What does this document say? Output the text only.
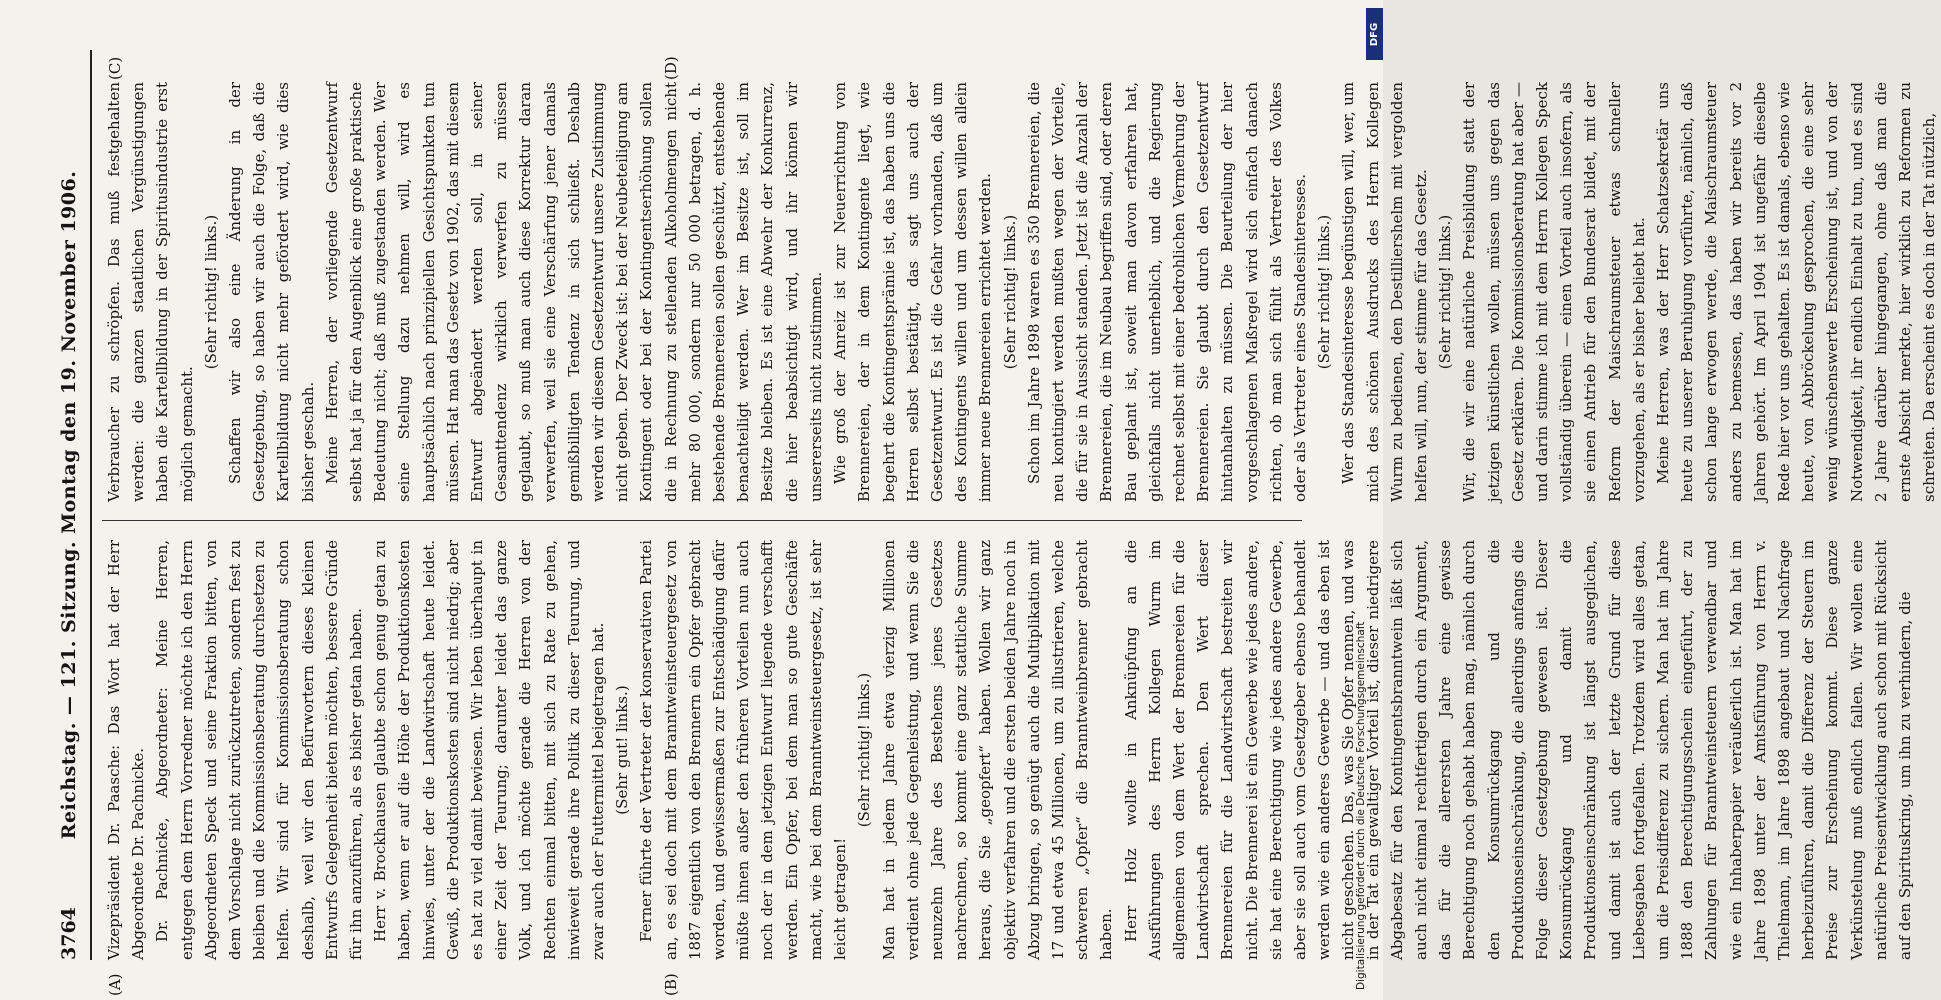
3764
Reichstag. — 121. Sitzung. Montag den 19. November 1906.
(A)	(B)
(C)	(D)

Vizepräsident Dr. Paasche: Das Wort hat der Herr Abgeordnete Dr. Pachnicke. Dr. Pachnicke, Abgeordneter: Meine Herren, entgegen dem Herrn Vorredner möchte ich den Herrn Abgeordneten Speck und seine Fraktion bitten, von dem Vorschlage nicht zurückzutreten, sondern fest zu bleiben und die Kommissionsberatung durchsetzen zu helfen. Wir sind für Kommissionsberatung schon deshalb, weil wir den Befürwortern dieses kleinen Entwurfs Gelegenheit bieten möchten, bessere Gründe für ihn anzuführen, als es bisher getan haben. Herr v. Brockhausen glaubte schon genug getan zu haben, wenn er auf die Höhe der Produktionskosten hinwies, unter der die Landwirtschaft heute leidet. Gewiß, die Produktionskosten sind nicht niedrig; aber es hat zu viel damit bewiesen. Wir leben überhaupt in einer Zeit der Teurung; darunter leidet das ganze Volk, und ich möchte gerade die Herren von der Rechten einmal bitten, mit sich zu Rate zu gehen, inwieweit gerade ihre Politik zu dieser Teurung, und zwar auch der Futtermittel beigetragen hat. (Sehr gut! links.) Ferner führte der Vertreter der konservativen Partei an, es sei doch mit dem Branntweinsteuergesetz von 1887 eigentlich von den Brennern ein Opfer gebracht worden, und gewissermaßen zur Entschädigung dafür müßte ihnen außer den früheren Vorteilen nun auch noch der in dem jetzigen Entwurf liegende verschafft werden. Ein Opfer, bei dem man so gute Geschäfte macht, wie bei dem Branntweinsteuergesetz, ist sehr leicht getragen!

(Sehr richtig! links.) Man hat in jedem Jahre etwa vierzig Millionen verdient ohne jede Gegenleistung, und wenn Sie die neunzehn Jahre des Bestehens jenes Gesetzes nachrechnen, so kommt eine ganz stattliche Summe heraus, die Sie „geopfert“ haben. Wollen wir ganz objektiv verfahren und die ersten beiden Jahre noch in Abzug bringen, so genügt auch die Multiplikation mit 17 und etwa 45 Millionen, um zu illustrieren, welche schweren „Opfer“ die Branntweinbrenner gebracht haben. Herr Holz wollte in Anknüpfung an die Ausführungen des Herrn Kollegen Wurm im allgemeinen von dem Wert der Brennereien für die Landwirtschaft sprechen. Den Wert dieser Brennereien für die Landwirtschaft bestreiten wir nicht. Die Brennerei ist ein Gewerbe wie jedes andere, sie hat eine Berechtigung wie jedes andere Gewerbe, aber sie soll auch vom Gesetzgeber ebenso behandelt werden wie ein anderes Gewerbe — und das eben ist nicht geschehen. Das, was Sie Opfer nennen, und was in der Tat ein gewaltiger Vorteil ist, dieser niedrigere Abgabesatz für den Kontingentsbranntwein läßt sich auch nicht einmal rechtfertigen durch ein Argument, das für die allerersten Jahre eine gewisse Berechtigung noch gehabt haben mag, nämlich durch den Konsumrückgang und die Produktionseinschränkung, die allerdings anfangs die Folge dieser Gesetzgebung gewesen ist. Dieser Konsumrückgang und damit die Produktionseinschränkung ist längst ausgeglichen, und damit ist auch der letzte Grund für diese Liebesgaben fortgefallen. Trotzdem wird alles getan, um die Preisdifferenz zu sichern. Man hat im Jahre 1888 den Berechtigungsschein eingeführt, der zu Zahlungen für Branntweinsteuern verwendbar und wie ein Inhaberpapier veräußerlich ist. Man hat im Jahre 1898 unter der Amtsführung von Herrn v. Thielmann, im Jahre 1898 angebaut und Nachfrage herbeizuführen, damit die Differenz der Steuern im Preise zur Erscheinung kommt. Diese ganze Verkünstelung muß endlich fallen. Wir wollen eine natürliche Preisentwicklung auch schon mit Rücksicht auf den Spirituskring, um ihn zu verhindern, die

Verbraucher zu schröpfen. Das muß festgehalten werden: die ganzen staatlichen Vergünstigungen haben die Kartellbildung in der Spiritusindustrie erst möglich gemacht.

(Sehr richtig! links.) Schaffen wir also eine Änderung in der Gesetzgebung, so haben wir auch die Folge, daß die Kartellbildung nicht mehr gefördert wird, wie dies bisher geschah. Meine Herren, der vorliegende Gesetzentwurf selbst hat ja für den Augenblick eine große praktische Bedeutung nicht; daß muß zugestanden werden. Wer seine Stellung dazu nehmen will, wird es hauptsächlich nach prinzipiellen Gesichtspunkten tun müssen. Hat man das Gesetz von 1902, das mit diesem Entwurf abgeändert werden soll, in seiner Gesamttendenz wirklich verwerfen zu müssen geglaubt, so muß man auch diese Korrektur daran verwerfen, weil sie eine Verschärfung jener damals gemißbilligten Tendenz in sich schließt. Deshalb werden wir diesem Gesetzentwurf unsere Zustimmung nicht geben. Der Zweck ist: bei der Neubeteiligung am Kontingent oder bei der Kontingentserhöhung sollen die in Rechnung zu stellenden Alkoholmengen nicht mehr 80 000, sondern nur 50 000 betragen, d. h. bestehende Brennereien sollen geschützt, entstehende benachteiligt werden. Wer im Besitze ist, soll im Besitze bleiben. Es ist eine Abwehr der Konkurrenz, die hier beabsichtigt wird, und ihr können wir unsererseits nicht zustimmen. Wie groß der Anreiz ist zur Neuerrichtung von Brennereien, der in dem Kontingente liegt, wie begehrt die Kontingentsprämie ist, das haben uns die Herren selbst bestätigt, das sagt uns auch der Gesetzentwurf. Es ist die Gefahr vorhanden, daß um des Kontingents willen und um dessen willen allein immer neue Brennereien errichtet werden. (Sehr richtig! links.) Schon im Jahre 1898 waren es 350 Brennereien, die neu kontingiert werden mußten wegen der Vorteile, die für sie in Aussicht standen. Jetzt ist die Anzahl der Brennereien, die im Neubau begriffen sind, oder deren Bau geplant ist, soweit man davon erfahren hat, gleichfalls nicht unerheblich, und die Regierung rechnet selbst mit einer bedrohlichen Vermehrung der Brennereien. Sie glaubt durch den Gesetzentwurf hintanhalten zu müssen. Die Beurteilung der hier vorgeschlagenen Maßregel wird sich einfach danach richten, ob man sich fühlt als Vertreter des Volkes oder als Vertreter eines Standesinteresses. (Sehr richtig! links.) Wer das Standesinteresse begünstigen will, wer, um mich des schönen Ausdrucks des Herrn Kollegen Wurm zu bedienen, den Destilliershelm mit vergolden helfen will, nun, der stimme für das Gesetz. (Sehr richtig! links.) Wir, die wir eine natürliche Preisbildung statt der jetzigen künstlichen wollen, müssen uns gegen das Gesetz erklären. Die Kommissionsberatung hat aber — und darin stimme ich mit dem Herrn Kollegen Speck vollständig überein — einen Vorteil auch insofern, als sie einen Antrieb für den Bundesrat bildet, mit der Reform der Maischraumsteuer etwas schneller vorzugehen, als er bisher beliebt hat. Meine Herren, was der Herr Schatzsekretär uns heute zu unserer Beruhigung vorführte, nämlich, daß schon lange erwogen werde, die Maischraumsteuer anders zu bemessen, das haben wir bereits vor 2 Jahren gehört. Im April 1904 ist ungefähr dieselbe Rede hier vor uns gehalten. Es ist damals, ebenso wie heute, von Abbröckelung gesprochen, die eine sehr wenig wünschenswerte Erscheinung ist, und von der Notwendigkeit, ihr endlich Einhalt zu tun, und es sind 2 Jahre darüber hingegangen, ohne daß man die ernste Absicht merkte, hier wirklich zu Reformen zu schreiten. Da erscheint es doch in der Tat nützlich,

Digitalisierung gefördert durch die Deutsche Forschungsgemeinschaft
DFG
